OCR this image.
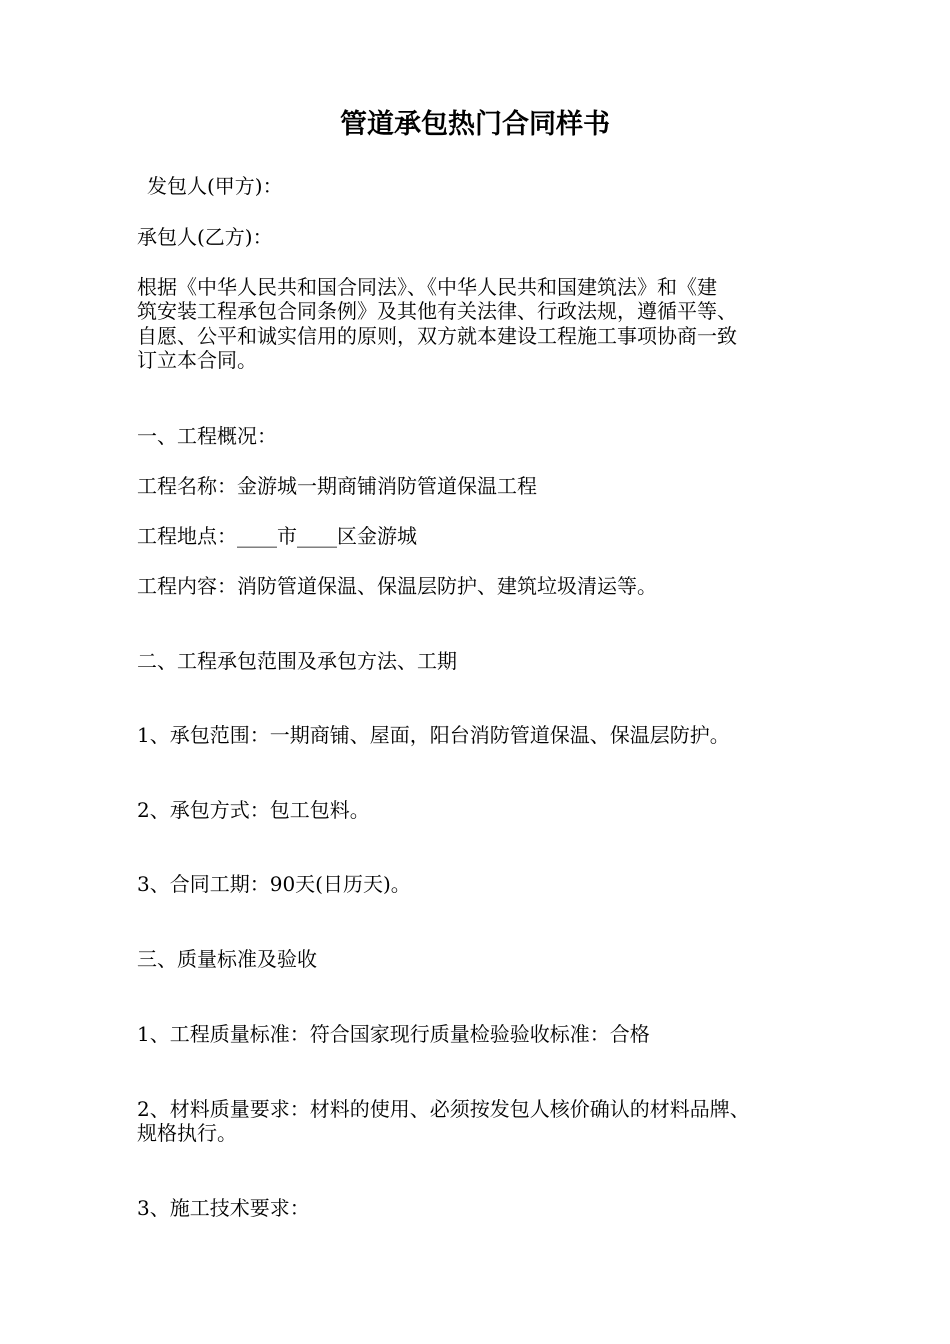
管道承包热门合同样书

发包人(甲方)：

承包人(乙方)：

根据《中华人民共和国合同法》、《中华人民共和国建筑法》和《建

筑安装工程承包合同条例》及其他有关法律、行政法规，遵循平等、

自愿、公平和诚实信用的原则，双方就本建设工程施工事项协商一致

订立本合同。

一、工程概况：

工程名称：金游城一期商铺消防管道保温工程

工程地点：____市____区金游城

工程内容：消防管道保温、保温层防护、建筑垃圾清运等。

二、工程承包范围及承包方法、工期

1、承包范围：一期商铺、屋面，阳台消防管道保温、保温层防护。

2、承包方式：包工包料。

3、合同工期：90天(日历天)。

三、质量标准及验收

1、工程质量标准：符合国家现行质量检验验收标准：合格

2、材料质量要求：材料的使用、必须按发包人核价确认的材料品牌、

规格执行。

3、施工技术要求：
